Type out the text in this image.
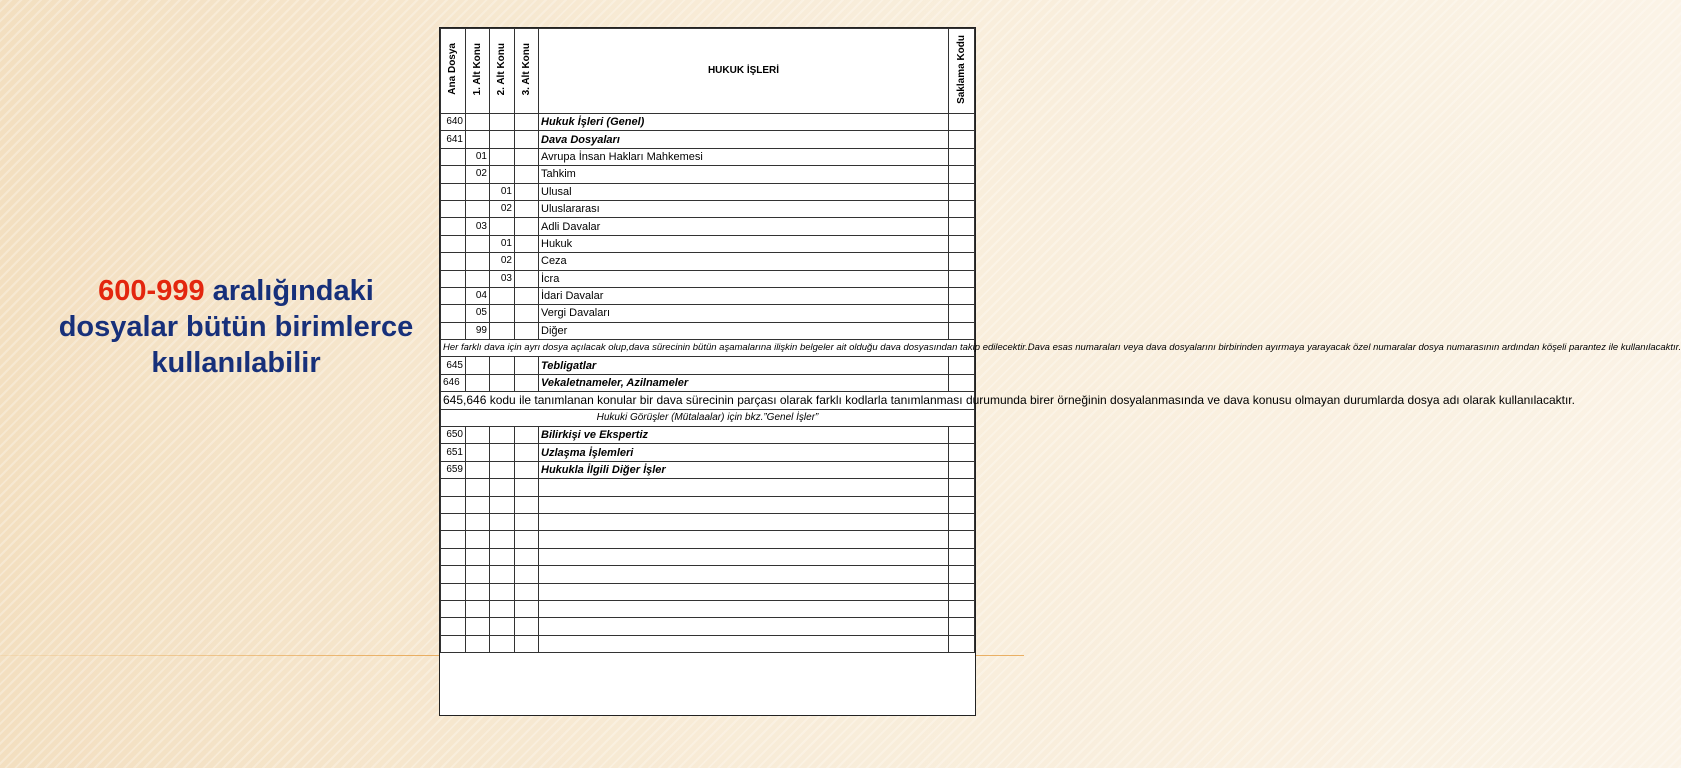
600-999 aralığındaki dosyalar bütün birimlerce kullanılabilir
Ana Dosya	1. Alt Konu	2. Alt Konu	3. Alt Konu	HUKUK İŞLERİ	Saklama Kodu
640				Hukuk İşleri (Genel)	
641				Dava Dosyaları	
	01			Avrupa İnsan Hakları Mahkemesi	
	02			Tahkim	
		01		Ulusal	
		02		Uluslararası	
	03			Adli Davalar	
		01		Hukuk	
		02		Ceza	
		03		İcra	
	04			İdari Davalar	
	05			Vergi Davaları	
	99			Diğer	
Her farklı dava için ayrı dosya açılacak olup,dava sürecinin bütün aşamalarına ilişkin belgeler ait olduğu dava dosyasından takip edilecektir.Dava esas numaraları veya dava dosyalarını birbirinden ayırmaya yarayacak özel numaralar dosya numarasının ardından köşeli parantez ile kullanılacaktır.					
645				Tebligatlar	
646				Vekaletnameler, Azilnameler	
645,646 kodu ile tanımlanan konular bir dava sürecinin parçası olarak farklı kodlarla tanımlanması durumunda birer örneğinin dosyalanmasında ve dava konusu olmayan durumlarda dosya adı olarak kullanılacaktır.					
Hukuki Görüşler (Mütalaalar) için bkz.”Genel İşler”					
650				Bilirkişi ve Ekspertiz	
651				Uzlaşma İşlemleri	
659				Hukukla İlgili Diğer İşler	
